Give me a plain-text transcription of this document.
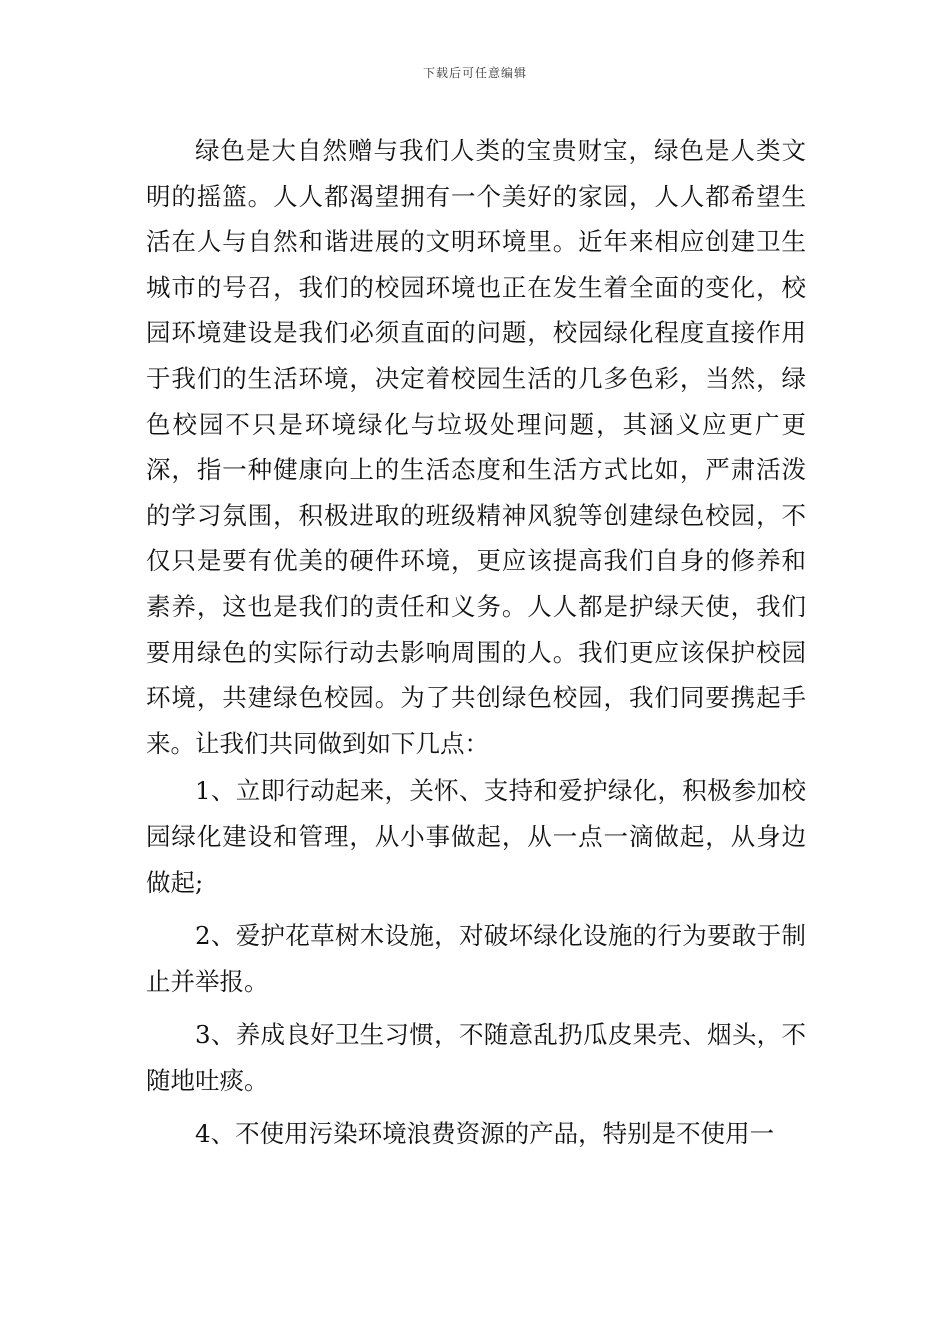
下载后可任意编辑

绿色是大自然赠与我们人类的宝贵财宝，绿色是人类文明的摇篮。人人都渴望拥有一个美好的家园，人人都希望生活在人与自然和谐进展的文明环境里。近年来相应创建卫生城市的号召，我们的校园环境也正在发生着全面的变化，校园环境建设是我们必须直面的问题，校园绿化程度直接作用于我们的生活环境，决定着校园生活的几多色彩，当然，绿色校园不只是环境绿化与垃圾处理问题，其涵义应更广更深，指一种健康向上的生活态度和生活方式比如，严肃活泼的学习氛围，积极进取的班级精神风貌等创建绿色校园，不仅只是要有优美的硬件环境，更应该提高我们自身的修养和素养，这也是我们的责任和义务。人人都是护绿天使，我们要用绿色的实际行动去影响周围的人。我们更应该保护校园环境，共建绿色校园。为了共创绿色校园，我们同要携起手来。让我们共同做到如下几点：

1、立即行动起来，关怀、支持和爱护绿化，积极参加校园绿化建设和管理，从小事做起，从一点一滴做起，从身边做起;

2、爱护花草树木设施，对破坏绿化设施的行为要敢于制止并举报。

3、养成良好卫生习惯，不随意乱扔瓜皮果壳、烟头，不随地吐痰。

4、不使用污染环境浪费资源的产品，特别是不使用一
